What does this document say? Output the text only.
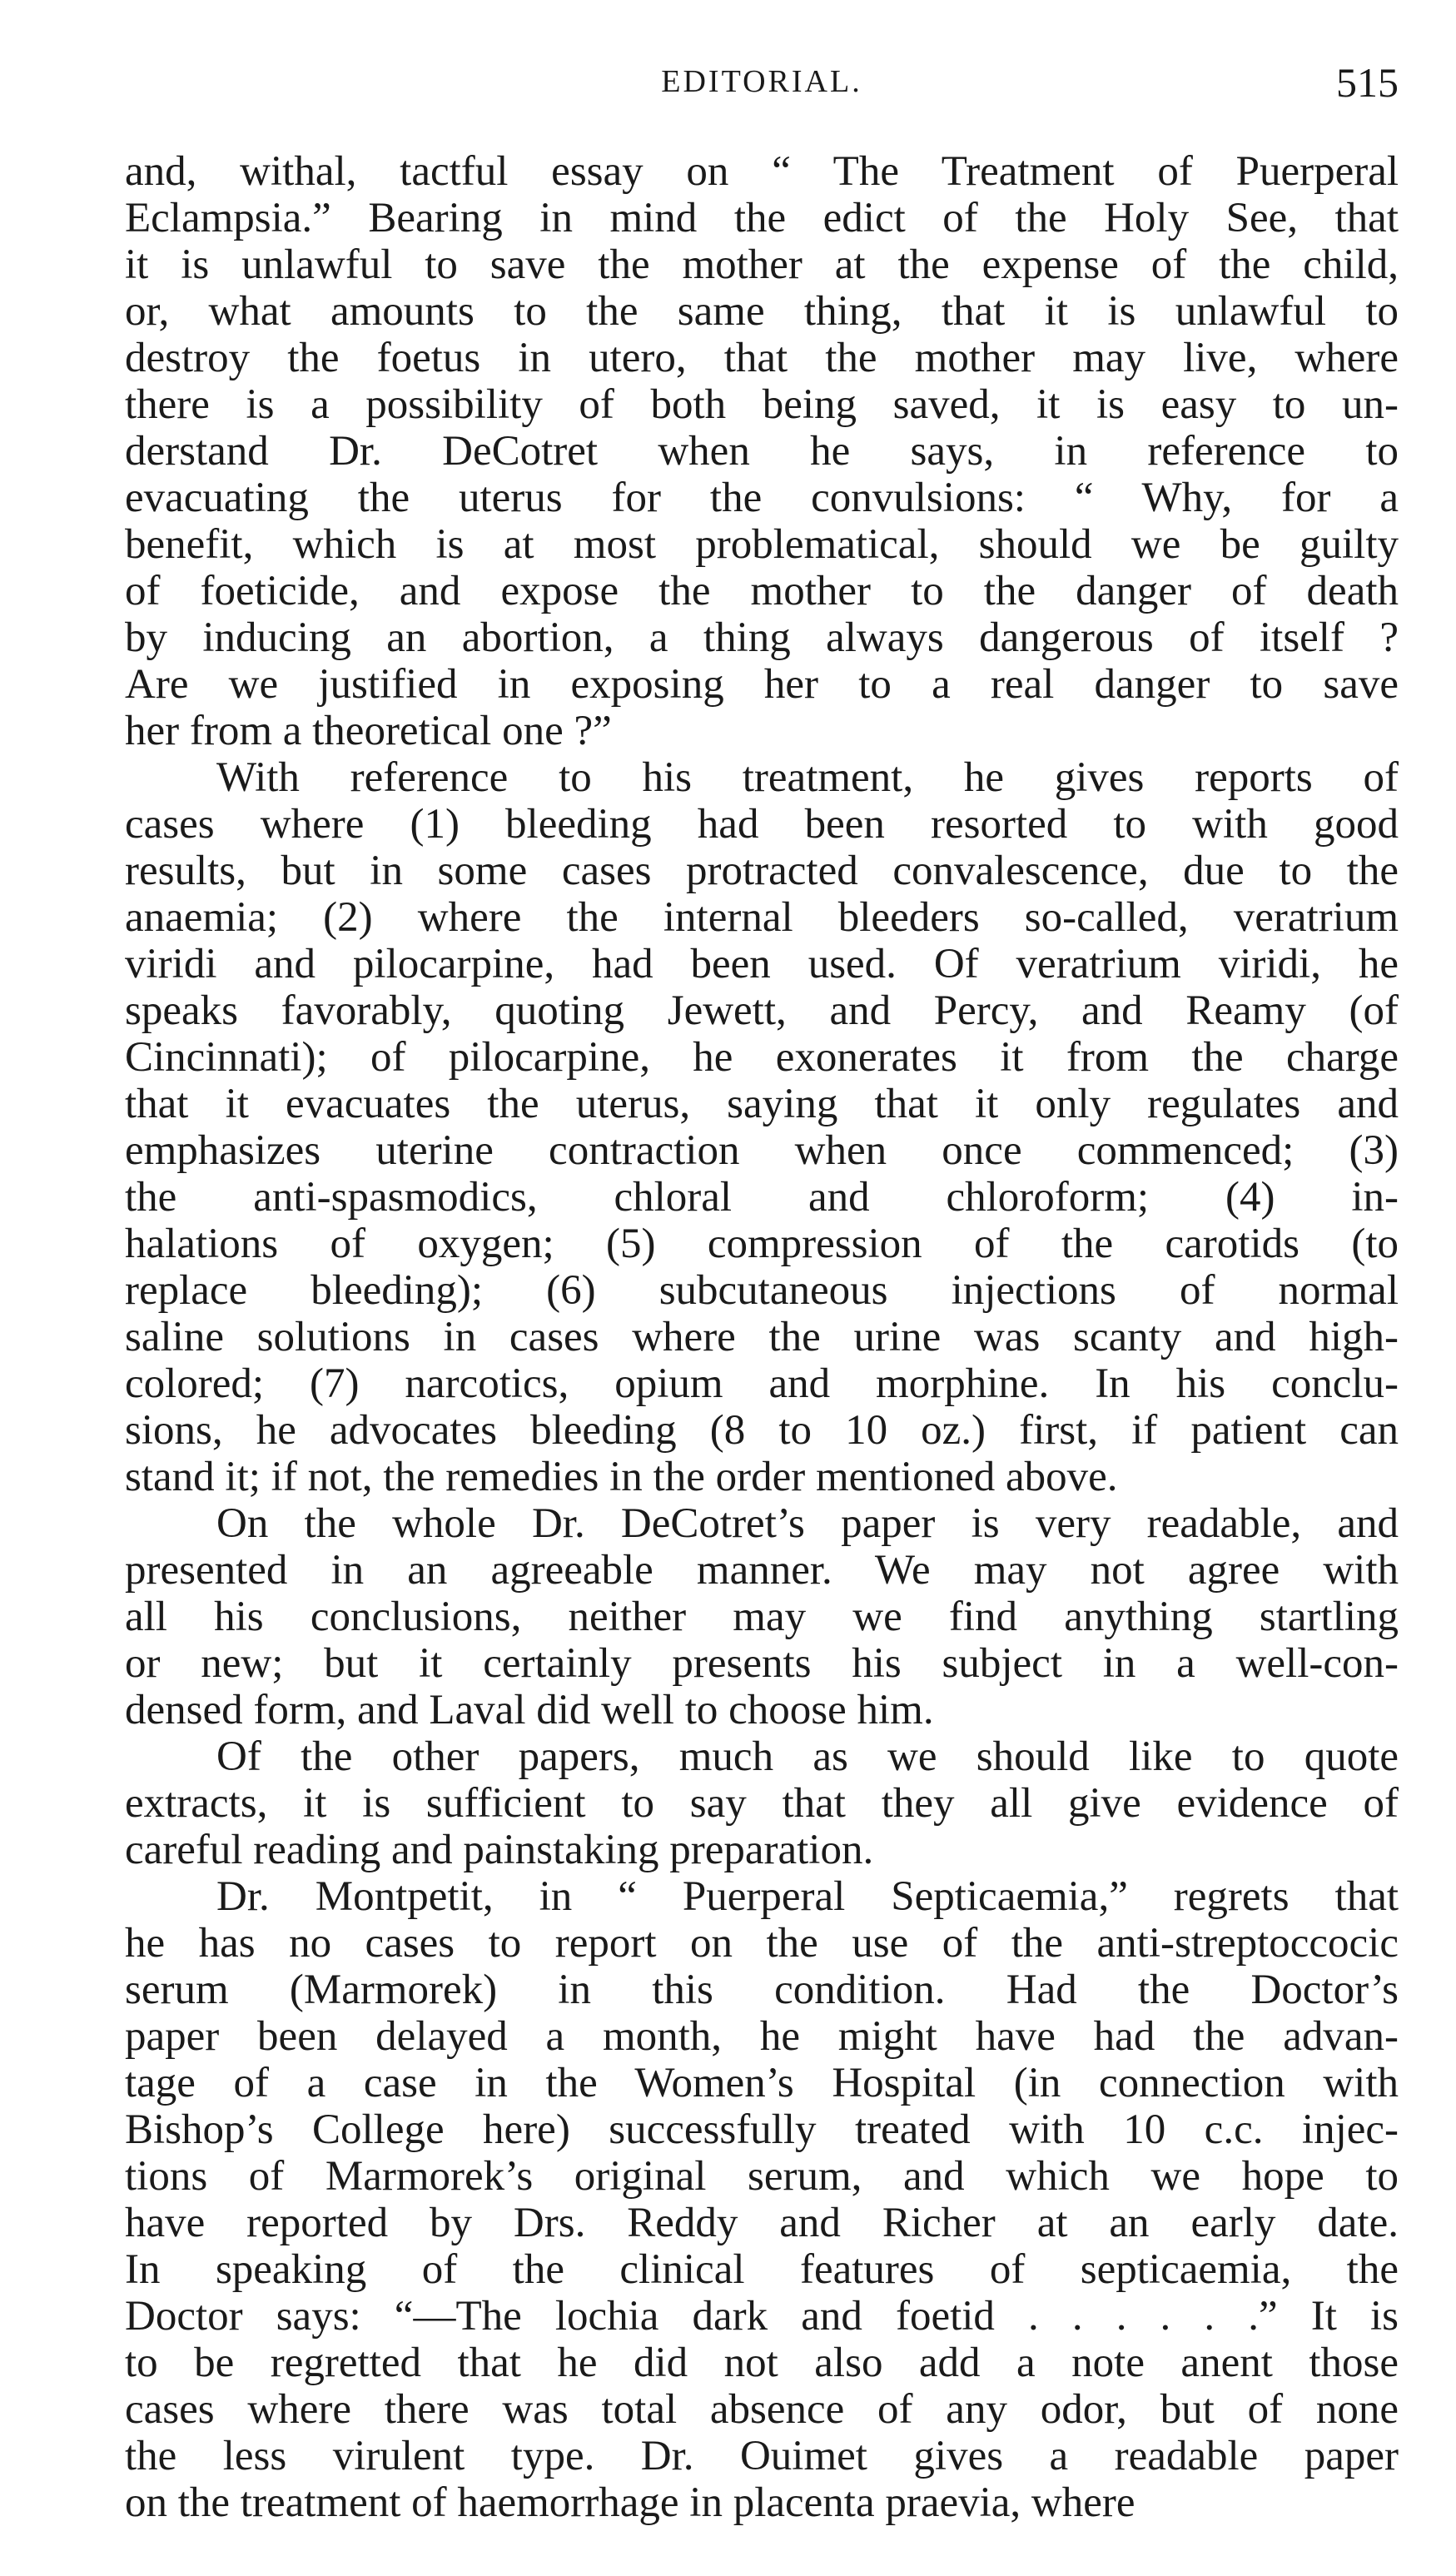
EDITORIAL.	515
and, withal, tactful essay on “ The Treatment of Puerperal
Eclampsia.” Bearing in mind the edict of the Holy See, that
it is unlawful to save the mother at the expense of the child,
or, what amounts to the same thing, that it is unlawful to
destroy the foetus in utero, that the mother may live, where
there is a possibility of both being saved, it is easy to un-
derstand Dr. DeCotret when he says, in reference to
evacuating the uterus for the convulsions: “ Why, for a
benefit, which is at most problematical, should we be guilty
of foeticide, and expose the mother to the danger of death
by inducing an abortion, a thing always dangerous of itself ?
Are we justified in exposing her to a real danger to save
her from a theoretical one ?”
With reference to his treatment, he gives reports of
cases where (1) bleeding had been resorted to with good
results, but in some cases protracted convalescence, due to the
anaemia; (2) where the internal bleeders so-called, veratrium
viridi and pilocarpine, had been used. Of veratrium viridi, he
speaks favorably, quoting Jewett, and Percy, and Reamy (of
Cincinnati); of pilocarpine, he exonerates it from the charge
that it evacuates the uterus, saying that it only regulates and
emphasizes uterine contraction when once commenced; (3)
the anti-spasmodics, chloral and chloroform; (4) in-
halations of oxygen; (5) compression of the carotids (to
replace bleeding); (6) subcutaneous injections of normal
saline solutions in cases where the urine was scanty and high-
colored; (7) narcotics, opium and morphine. In his conclu-
sions, he advocates bleeding (8 to 10 oz.) first, if patient can
stand it; if not, the remedies in the order mentioned above.
On the whole Dr. DeCotret’s paper is very readable, and
presented in an agreeable manner. We may not agree with
all his conclusions, neither may we find anything startling
or new; but it certainly presents his subject in a well-con-
densed form, and Laval did well to choose him.
Of the other papers, much as we should like to quote
extracts, it is sufficient to say that they all give evidence of
careful reading and painstaking preparation.
Dr. Montpetit, in “ Puerperal Septicaemia,” regrets that
he has no cases to report on the use of the anti-streptoccocic
serum (Marmorek) in this condition. Had the Doctor’s
paper been delayed a month, he might have had the advan-
tage of a case in the Women’s Hospital (in connection with
Bishop’s College here) successfully treated with 10 c.c. injec-
tions of Marmorek’s original serum, and which we hope to
have reported by Drs. Reddy and Richer at an early date.
In speaking of the clinical features of septicaemia, the
Doctor says: “—The lochia dark and foetid . . . . . .” It is
to be regretted that he did not also add a note anent those
cases where there was total absence of any odor, but of none
the less virulent type. Dr. Ouimet gives a readable paper
on the treatment of haemorrhage in placenta praevia, where
